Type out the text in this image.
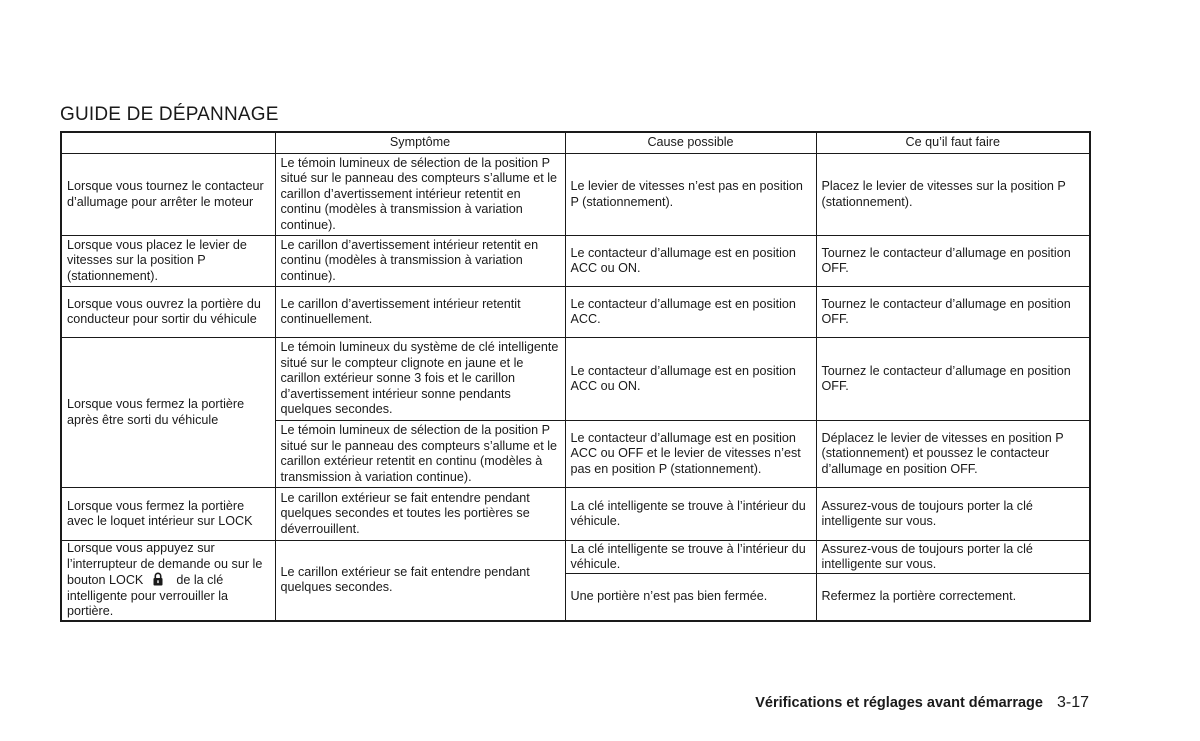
GUIDE DE DÉPANNAGE
	Symptôme	Cause possible	Ce qu’il faut faire
Lorsque vous tournez le contacteur d’allumage pour arrêter le moteur	Le témoin lumineux de sélection de la position P situé sur le panneau des compteurs s’allume et le carillon d’avertissement intérieur retentit en continu (modèles à transmission à variation continue).	Le levier de vitesses n’est pas en position P (stationnement).	Placez le levier de vitesses sur la position P (stationnement).
Lorsque vous placez le levier de vitesses sur la position P (stationnement).	Le carillon d’avertissement intérieur retentit en continu (modèles à transmission à variation continue).	Le contacteur d’allumage est en position ACC ou ON.	Tournez le contacteur d’allumage en position OFF.
Lorsque vous ouvrez la portière du conducteur pour sortir du véhicule	Le carillon d’avertissement intérieur retentit continuellement.	Le contacteur d’allumage est en position ACC.	Tournez le contacteur d’allumage en position OFF.
Lorsque vous fermez la portière après être sorti du véhicule	Le témoin lumineux du système de clé intelligente situé sur le compteur clignote en jaune et le carillon extérieur sonne 3 fois et le carillon d’avertissement intérieur sonne pendants quelques secondes.	Le contacteur d’allumage est en position ACC ou ON.	Tournez le contacteur d’allumage en position OFF.
	Le témoin lumineux de sélection de la position P situé sur le panneau des compteurs s’allume et le carillon extérieur retentit en continu (modèles à transmission à variation continue).	Le contacteur d’allumage est en position ACC ou OFF et le levier de vitesses n’est pas en position P (stationnement).	Déplacez le levier de vitesses en position P (stationnement) et poussez le contacteur d’allumage en position OFF.
Lorsque vous fermez la portière avec le loquet intérieur sur LOCK	Le carillon extérieur se fait entendre pendant quelques secondes et toutes les portières se déverrouillent.	La clé intelligente se trouve à l’intérieur du véhicule.	Assurez-vous de toujours porter la clé intelligente sur vous.
Lorsque vous appuyez sur l’interrupteur de demande ou sur le bouton LOCK de la clé intelligente pour verrouiller la portière.	Le carillon extérieur se fait entendre pendant quelques secondes.	La clé intelligente se trouve à l’intérieur du véhicule.	Assurez-vous de toujours porter la clé intelligente sur vous.
		Une portière n’est pas bien fermée.	Refermez la portière correctement.
Vérifications et réglages avant démarrage 3-17
